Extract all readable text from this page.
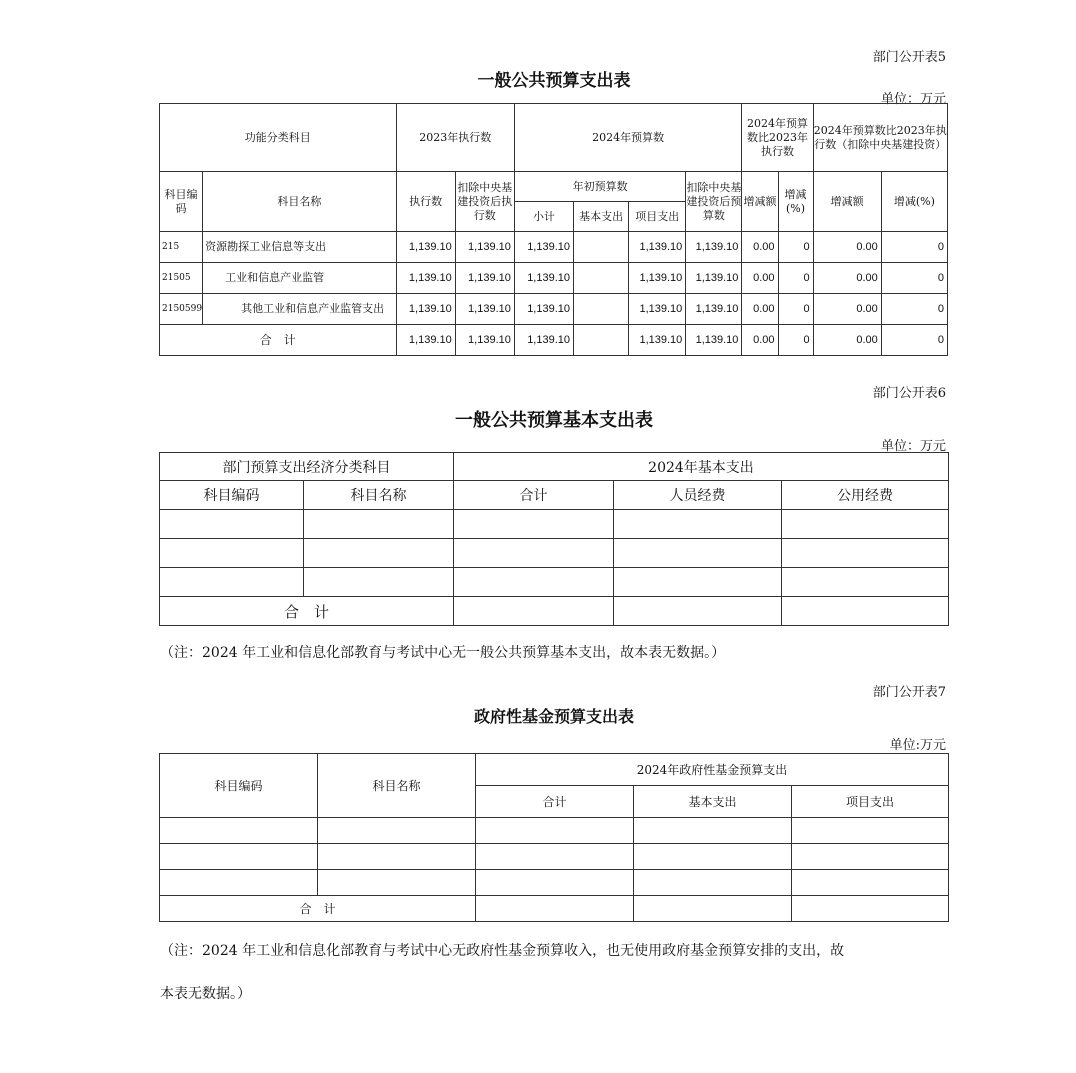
部门公开表5
一般公共预算支出表
单位：万元
功能分类科目		2023年执行数		2024年预算数				2024年预算数比2023年执行数		2024年预算数比2023年执行数（扣除中央基建投资）	
科目编码	科目名称	执行数	扣除中央基建投资后执行数	年初预算数			扣除中央基建投资后预算数	增减额	增减(%)	增减额	增减(%)
				小计	基本支出	项目支出					
215	资源勘探工业信息等支出	1,139.10	1,139.10	1,139.10		1,139.10	1,139.10	0.00	0	0.00	0
21505	工业和信息产业监管	1,139.10	1,139.10	1,139.10		1,139.10	1,139.10	0.00	0	0.00	0
2150599	其他工业和信息产业监管支出	1,139.10	1,139.10	1,139.10		1,139.10	1,139.10	0.00	0	0.00	0
合　计		1,139.10	1,139.10	1,139.10		1,139.10	1,139.10	0.00	0	0.00	0
部门公开表6
一般公共预算基本支出表
单位：万元
部门预算支出经济分类科目		2024年基本支出		
科目编码	科目名称	合计	人员经费	公用经费

合　计				
（注：2024 年工业和信息化部教育与考试中心无一般公共预算基本支出，故本表无数据。）
部门公开表7
政府性基金预算支出表
单位:万元
科目编码	科目名称	2024年政府性基金预算支出		
		合计	基本支出	项目支出

合　计				
（注：2024 年工业和信息化部教育与考试中心无政府性基金预算收入，也无使用政府基金预算安排的支出，故
本表无数据。）
